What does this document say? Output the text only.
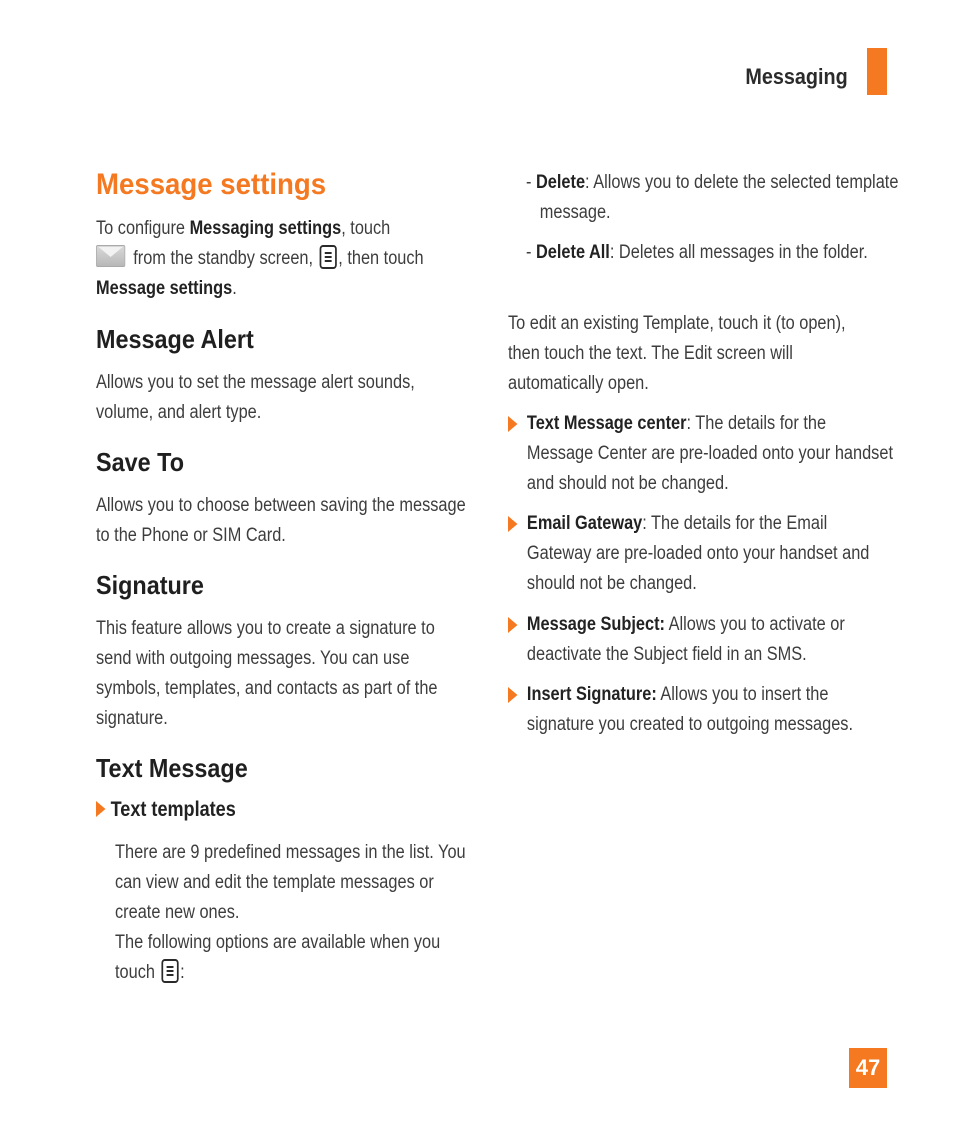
Messaging
Message settings

To configure Messaging settings, touch
from the standby screen,
, then touch
Message settings.

Message Alert

Allows you to set the message alert sounds, volume, and alert type.

Save To

Allows you to choose between saving the message to the Phone or SIM Card.

Signature

This feature allows you to create a signature to send with outgoing messages. You can use symbols, templates, and contacts as part of the signature.

Text Message
Text templates

There are 9 predefined messages in the list. You can view and edit the template messages or create new ones.

The following options are available when you touch
:

- Delete: Allows you to delete the selected template message.

- Delete All: Deletes all messages in the folder.

To edit an existing Template, touch it (to open), then touch the text. The Edit screen will automatically open.

Text Message center: The details for the Message Center are pre-loaded onto your handset and should not be changed.

Email Gateway: The details for the Email Gateway are pre-loaded onto your handset and should not be changed.

Message Subject: Allows you to activate or deactivate the Subject field in an SMS.

Insert Signature: Allows you to insert the signature you created to outgoing messages.

47
